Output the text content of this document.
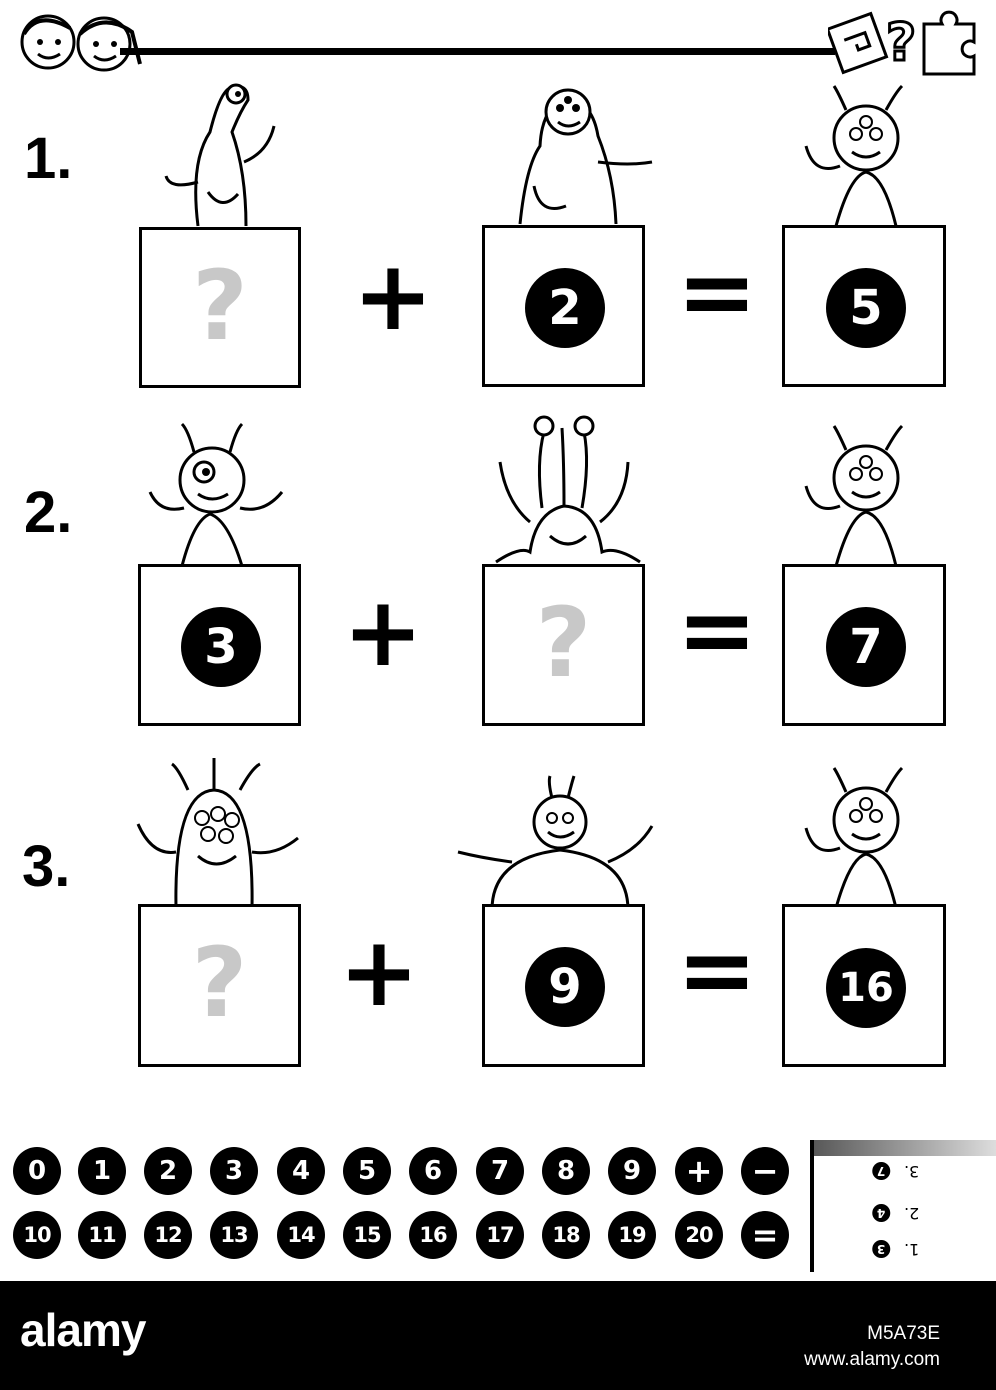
?
1.
?	+	2 =	5
2.
3 +	? =	7
3.
? +	9 =	16
0	1	2	3	4	5	6	7	8	9	+	−
10	11	12	13	14	15	16	17	18	19	20	=
3.
7
2.
4
1.
3
alamy	M5A73E
www.alamy.com
